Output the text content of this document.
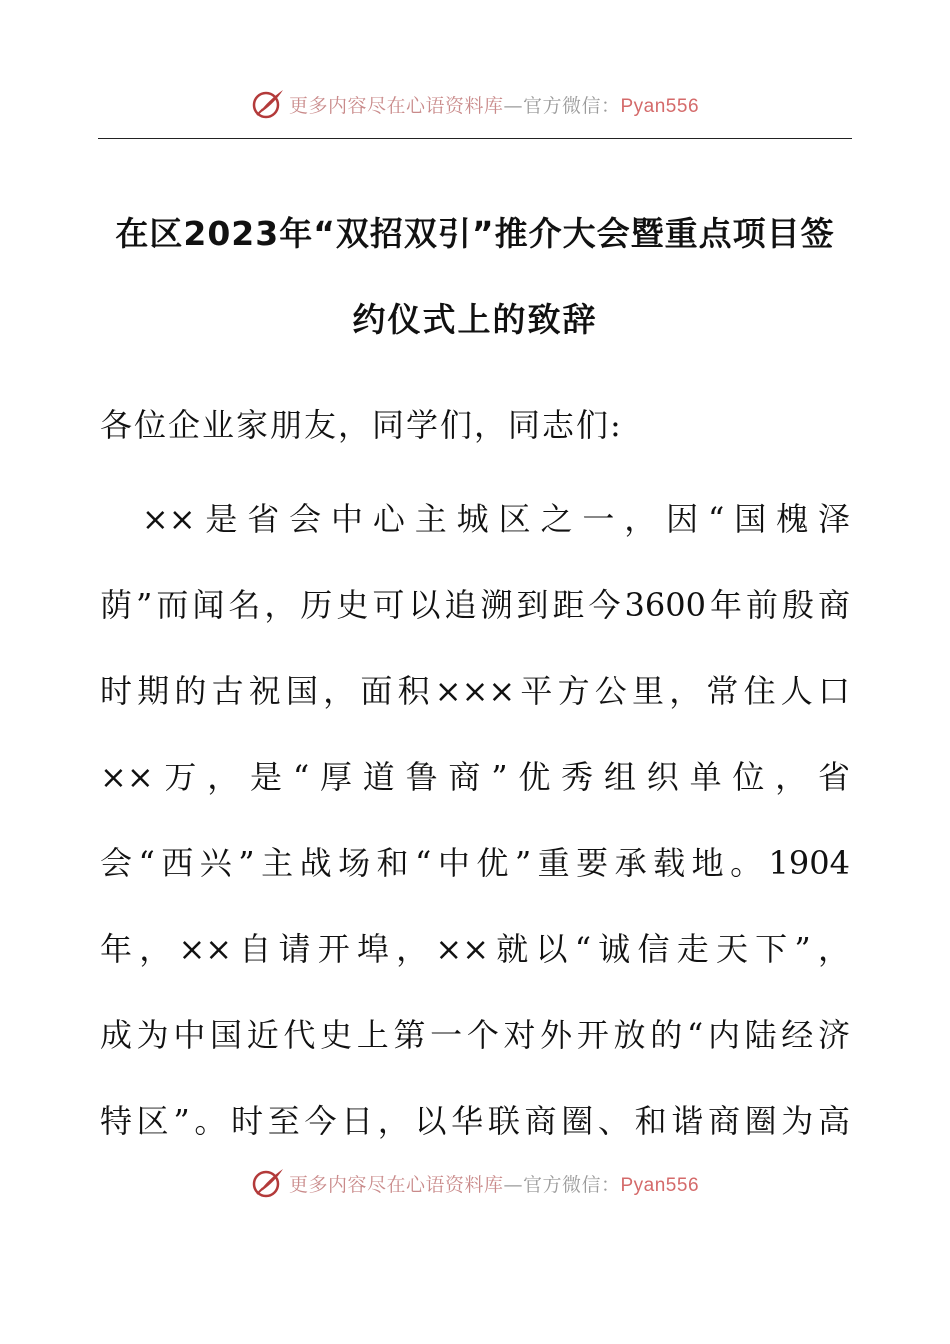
更多内容尽在心语资料库—官方微信：Pyan556
在区2023年“双招双引”推介大会暨重点项目签
约仪式上的致辞
各位企业家朋友，同学们，同志们:
　××是省会中心主城区之一，因“国槐泽
荫”而闻名，历史可以追溯到距今3600年前殷商
时期的古祝国，面积×××平方公里，常住人口
××万，是“厚道鲁商”优秀组织单位，省
会“西兴”主战场和“中优”重要承载地。1904
年，××自请开埠，××就以“诚信走天下”，
成为中国近代史上第一个对外开放的“内陆经济
特区”。时至今日，以华联商圈、和谐商圈为高
更多内容尽在心语资料库—官方微信：Pyan556
